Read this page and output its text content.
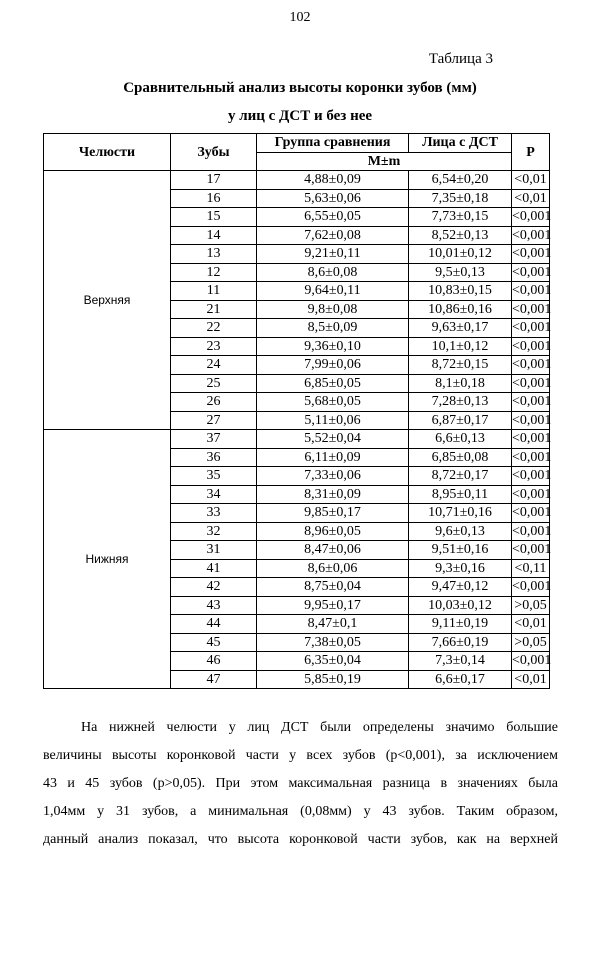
102
Таблица 3
Сравнительный анализ высоты коронки зубов (мм)
у лиц с ДСТ и без нее
Челюсти	Зубы	Группа сравнения	Лица с ДСТ	P
		M±m		
Верхняя	17	4,88±0,09	6,54±0,20	<0,01
	16	5,63±0,06	7,35±0,18	<0,01
	15	6,55±0,05	7,73±0,15	<0,001
	14	7,62±0,08	8,52±0,13	<0,001
	13	9,21±0,11	10,01±0,12	<0,001
	12	8,6±0,08	9,5±0,13	<0,001
	11	9,64±0,11	10,83±0,15	<0,001
	21	9,8±0,08	10,86±0,16	<0,001
	22	8,5±0,09	9,63±0,17	<0,001
	23	9,36±0,10	10,1±0,12	<0,001
	24	7,99±0,06	8,72±0,15	<0,001
	25	6,85±0,05	8,1±0,18	<0,001
	26	5,68±0,05	7,28±0,13	<0,001
	27	5,11±0,06	6,87±0,17	<0,001
Нижняя	37	5,52±0,04	6,6±0,13	<0,001
	36	6,11±0,09	6,85±0,08	<0,001
	35	7,33±0,06	8,72±0,17	<0,001
	34	8,31±0,09	8,95±0,11	<0,001
	33	9,85±0,17	10,71±0,16	<0,001
	32	8,96±0,05	9,6±0,13	<0,001
	31	8,47±0,06	9,51±0,16	<0,001
	41	8,6±0,06	9,3±0,16	<0,11
	42	8,75±0,04	9,47±0,12	<0,001
	43	9,95±0,17	10,03±0,12	>0,05
	44	8,47±0,1	9,11±0,19	<0,01
	45	7,38±0,05	7,66±0,19	>0,05
	46	6,35±0,04	7,3±0,14	<0,001
	47	5,85±0,19	6,6±0,17	<0,01
На нижней челюсти у лиц ДСТ были определены значимо большие
величины высоты коронковой части у всех зубов (р<0,001), за исключением
43 и 45 зубов (р>0,05). При этом максимальная разница в значениях была
1,04мм у 31 зубов, а минимальная (0,08мм) у 43 зубов. Таким образом,
данный анализ показал, что высота коронковой части зубов, как на верхней
